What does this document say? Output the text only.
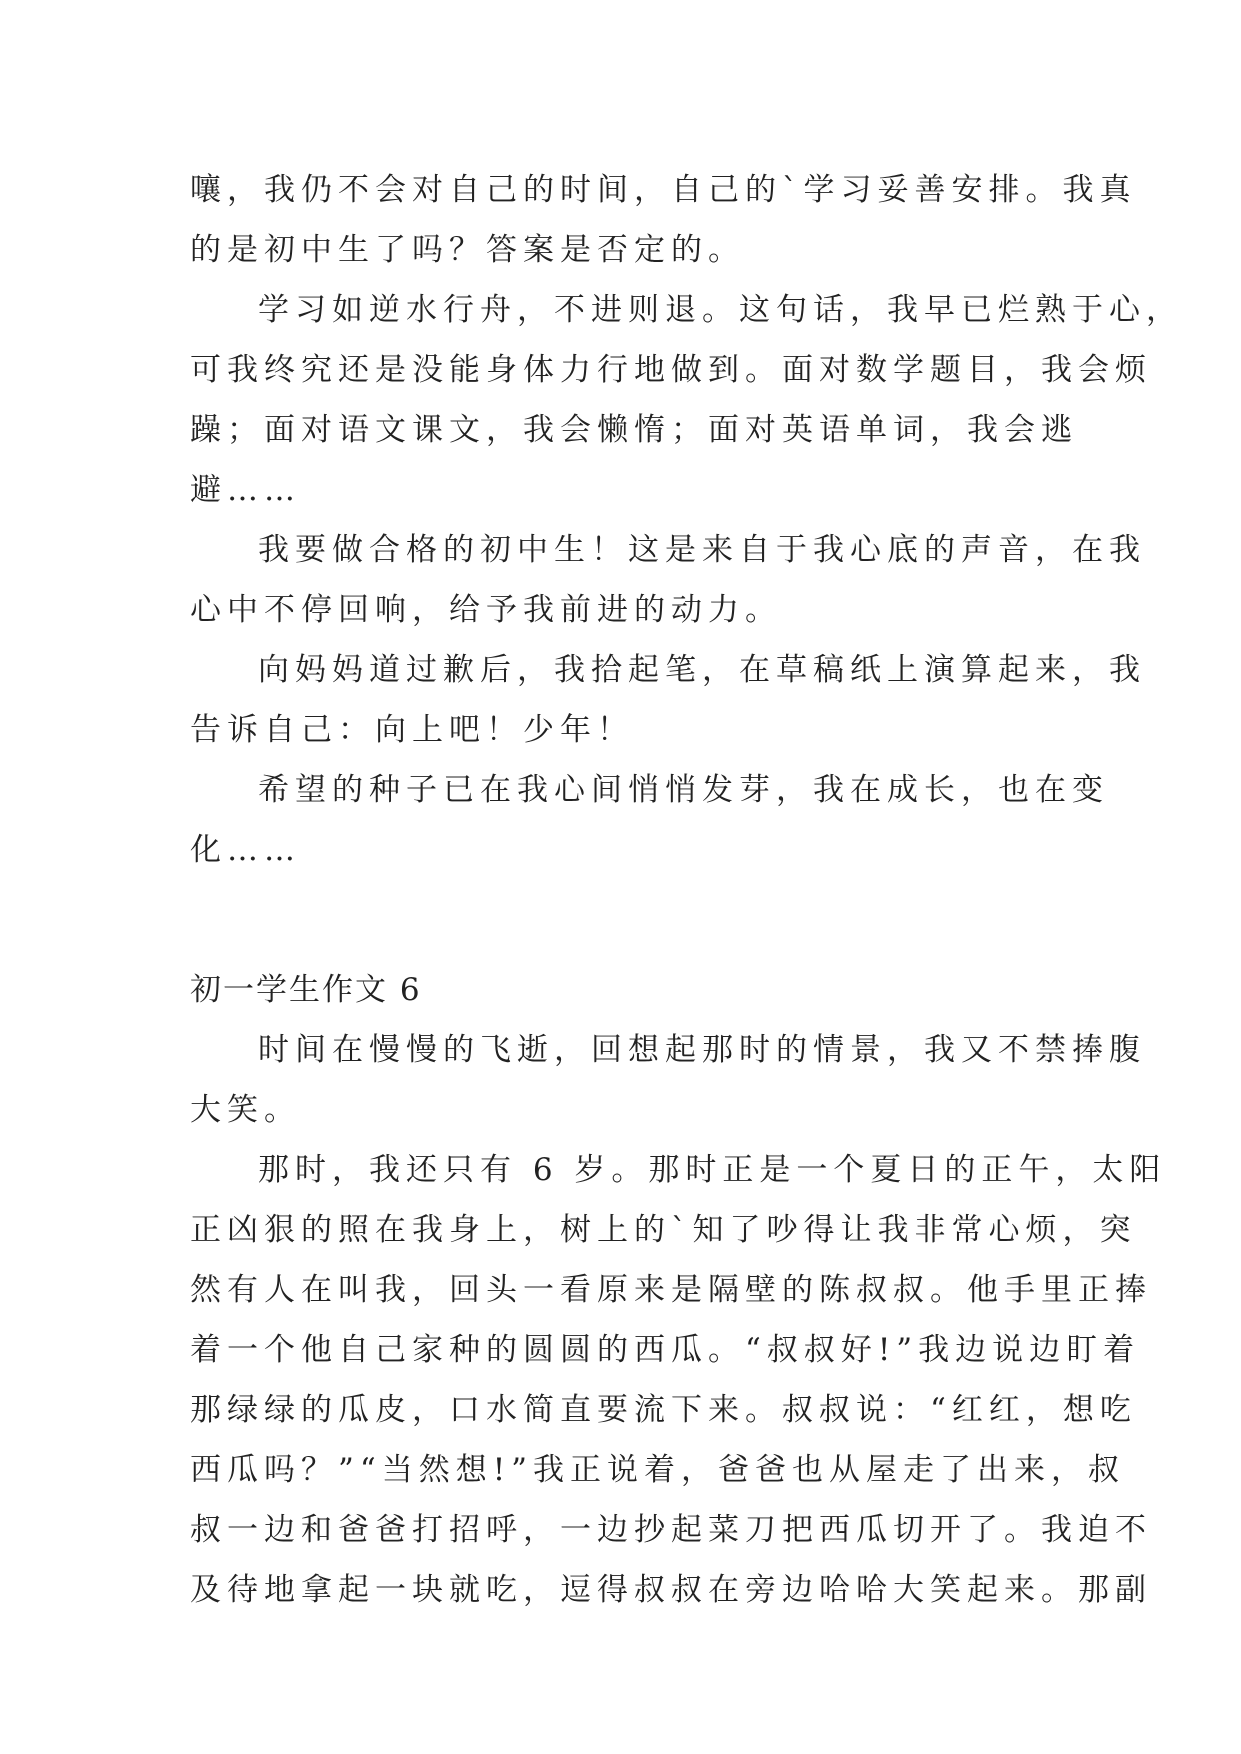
嚷，我仍不会对自己的时间，自己的`学习妥善安排。我真
的是初中生了吗？答案是否定的。
学习如逆水行舟，不进则退。这句话，我早已烂熟于心，
可我终究还是没能身体力行地做到。面对数学题目，我会烦
躁；面对语文课文，我会懒惰；面对英语单词，我会逃
避……
我要做合格的初中生！这是来自于我心底的声音，在我
心中不停回响，给予我前进的动力。
向妈妈道过歉后，我拾起笔，在草稿纸上演算起来，我
告诉自己：向上吧！少年！
希望的种子已在我心间悄悄发芽，我在成长，也在变
化……
初一学生作文 6
时间在慢慢的飞逝，回想起那时的情景，我又不禁捧腹
大笑。
那时，我还只有 6 岁。那时正是一个夏日的正午，太阳
正凶狠的照在我身上，树上的`知了吵得让我非常心烦，突
然有人在叫我，回头一看原来是隔壁的陈叔叔。他手里正捧
着一个他自己家种的圆圆的西瓜。“叔叔好!”我边说边盯着
那绿绿的瓜皮，口水简直要流下来。叔叔说：“红红，想吃
西瓜吗？”“当然想!”我正说着，爸爸也从屋走了出来，叔
叔一边和爸爸打招呼，一边抄起菜刀把西瓜切开了。我迫不
及待地拿起一块就吃，逗得叔叔在旁边哈哈大笑起来。那副
